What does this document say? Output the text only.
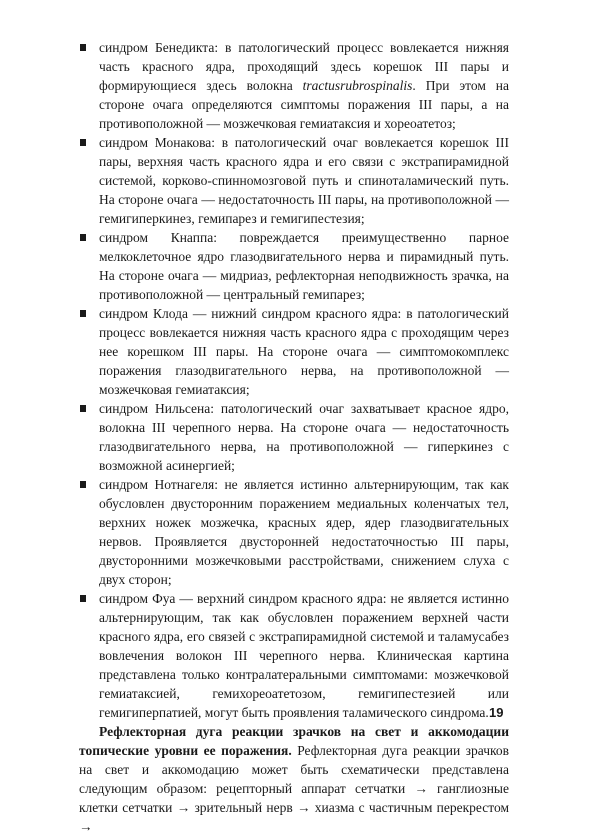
синдром Бенедикта: в патологический процесс вовлекается нижняя часть красного ядра, проходящий здесь корешок III пары и формирующиеся здесь волокна tractusrubrospinalis. При этом на стороне очага определяются симптомы поражения III пары, а на противоположной — мозжечковая гемиатаксия и хореоатетоз;
синдром Монакова: в патологический очаг вовлекается корешок III пары, верхняя часть красного ядра и его связи с экстрапирамидной системой, корково-спинномозговой путь и спиноталамический путь. На стороне очага — недостаточность III пары, на противоположной — гемигиперкинез, гемипарез и гемигипестезия;
синдром Кнаппа: повреждается преимущественно парное мелкоклеточное ядро глазодвигательного нерва и пирамидный путь. На стороне очага — мидриаз, рефлекторная неподвижность зрачка, на противоположной — центральный гемипарез;
синдром Клода — нижний синдром красного ядра: в патологический процесс вовлекается нижняя часть красного ядра с проходящим через нее корешком III пары. На стороне очага — симптомокомплекс поражения глазодвигательного нерва, на противоположной — мозжечковая гемиатаксия;
синдром Нильсена: патологический очаг захватывает красное ядро, волокна III черепного нерва. На стороне очага — недостаточность глазодвигательного нерва, на противоположной — гиперкинез с возможной асинергией;
синдром Нотнагеля: не является истинно альтернирующим, так как обусловлен двусторонним поражением медиальных коленчатых тел, верхних ножек мозжечка, красных ядер, ядер глазодвигательных нервов. Проявляется двусторонней недостаточностью III пары, двусторонними мозжечковыми расстройствами, снижением слуха с двух сторон;
синдром Фуа — верхний синдром красного ядра: не является истинно альтернирующим, так как обусловлен поражением верхней части красного ядра, его связей с экстрапирамидной системой и таламусабез вовлечения волокон III черепного нерва. Клиническая картина представлена только контралатеральными симптомами: мозжечковой гемиатаксией, гемихореоатетозом, гемигипестезией или гемигиперпатией, могут быть проявления таламического синдрома.

Рефлекторная дуга реакции зрачков на свет и аккомодации топические уровни ее поражения. Рефлекторная дуга реакции зрачков на свет и аккомодацию может быть схематически представлена следующим образом: рецепторный аппарат сетчатки → ганглиозные клетки сетчатки → зрительный нерв → хиазма с частичным перекрестом →

19
